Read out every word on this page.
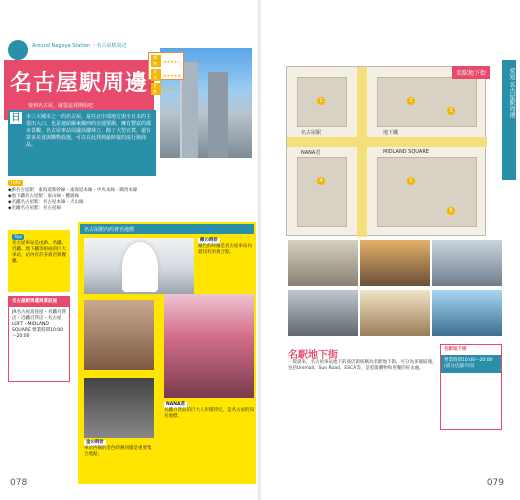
Around Nagoya Station ・名古屋駅周辺
名古屋駅周邊
要到名古屋，就從這裡開始吧
購物	★★★★☆
美食	★★★★★
景點	★★★☆☆
本三大城市之一的名古屋，是往北中部地方與全日本的主要出入口，也是連結關東關西的交通要衝，擁有豐富的都市景觀。名古屋車站周邊高樓林立，除了大型百貨，還有眾多美食與購物設施，可以在此找到最時髦的流行與商品。
日
Info
◆JR名古屋駅：東海道新幹線・東海道本線・中央本線・關西本線
◆地下鐵名古屋駅：東山線・櫻通線
◆名鐵名古屋駅：名古屋本線・犬山線
◆近鐵名古屋駅：名古屋線
Tips
名古屋車站是由JR、名鐵、近鐵、地下鐵等組成的巨大車站，站內有許多商店與餐廳。
名古屋駅周邊商業設施
JR名古屋高島屋・名鐵百貨店・近鐵百貨店・名古屋LOFT・MIDLAND SQUARE 營業時間10:00～20:00
名古屋駅內的著名地標
銀の時計
銀色的時鐘是名古屋車站內最知名的會合點。
金の時計
車站西側的金色時鐘同樣是重要集合地點。
NANA君
名鐵百貨前的巨大人形模特兒，是名古屋的知名地標。
078
1	2
3
4	5
6
名古屋駅
MIDLAND SQUARE
NANA君
地下鐵
名駅地下街	愛知 名古屋駅周邊
名駅地下街
一般說來，名古屋車站地下的商店街統稱為名駅地下街，可分為多個區塊，包括Unimall、Sun Road、ESCA等，是逛街購物和用餐的好去處。
名駅地下街
營業時間10:00～20:00 (部分店舗不同)
079
